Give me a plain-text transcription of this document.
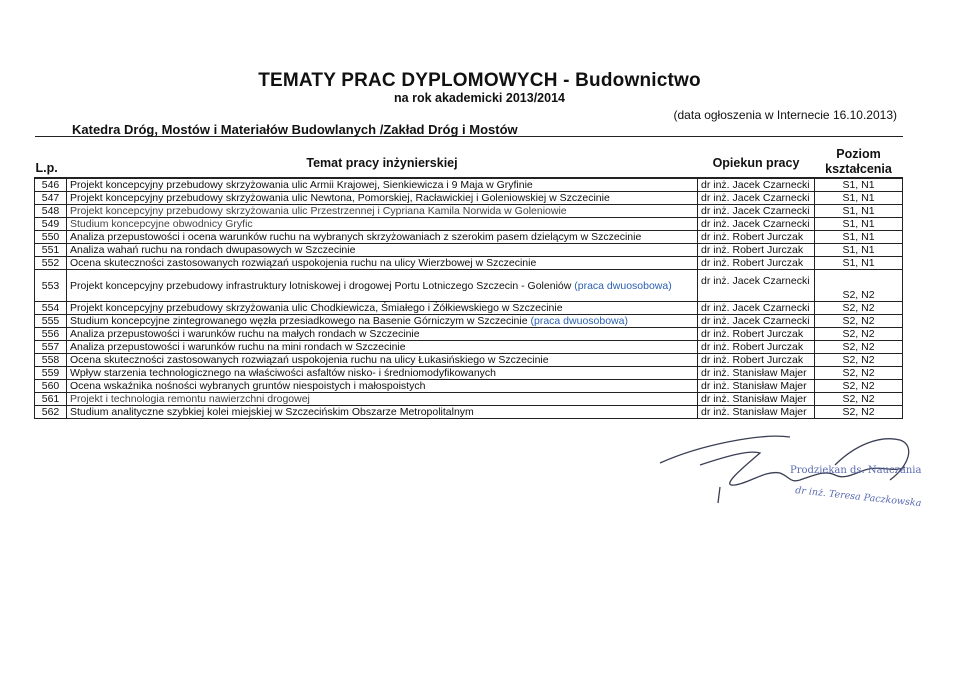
TEMATY PRAC DYPLOMOWYCH - Budownictwo
na rok akademicki 2013/2014
(data ogłoszenia w Internecie 16.10.2013)
Katedra Dróg, Mostów i Materiałów Budowlanych /Zakład Dróg i Mostów
L.p.	Temat pracy inżynierskiej	Opiekun pracy	Poziom
kształcenia
546	Projekt koncepcyjny przebudowy skrzyżowania ulic Armii Krajowej, Sienkiewicza i 9 Maja w Gryfinie	dr inż. Jacek Czarnecki	S1, N1
547	Projekt koncepcyjny przebudowy skrzyżowania ulic Newtona, Pomorskiej, Racławickiej i Goleniowskiej w Szczecinie	dr inż. Jacek Czarnecki	S1, N1
548	Projekt koncepcyjny przebudowy skrzyżowania ulic Przestrzennej i Cypriana Kamila Norwida w Goleniowie	dr inż. Jacek Czarnecki	S1, N1
549	Studium koncepcyjne obwodnicy Gryfic	dr inż. Jacek Czarnecki	S1, N1
550	Analiza przepustowości i ocena warunków ruchu na wybranych skrzyżowaniach z szerokim pasem dzielącym w Szczecinie	dr inż. Robert Jurczak	S1, N1
551	Analiza wahań ruchu na rondach dwupasowych w Szczecinie	dr inż. Robert Jurczak	S1, N1
552	Ocena skuteczności zastosowanych rozwiązań uspokojenia ruchu na ulicy Wierzbowej w Szczecinie	dr inż. Robert Jurczak	S1, N1
553	Projekt koncepcyjny przebudowy infrastruktury lotniskowej i drogowej Portu Lotniczego Szczecin - Goleniów (praca dwuosobowa)	dr inż. Jacek Czarnecki	S2, N2
554	Projekt koncepcyjny przebudowy skrzyżowania ulic Chodkiewicza, Śmiałego i Żółkiewskiego w Szczecinie	dr inż. Jacek Czarnecki	S2, N2
555	Studium koncepcyjne zintegrowanego węzła przesiadkowego na Basenie Górniczym w Szczecinie (praca dwuosobowa)	dr inż. Jacek Czarnecki	S2, N2
556	Analiza przepustowości i warunków ruchu na małych rondach w Szczecinie	dr inż. Robert Jurczak	S2, N2
557	Analiza przepustowości i warunków ruchu na mini rondach w Szczecinie	dr inż. Robert Jurczak	S2, N2
558	Ocena skuteczności zastosowanych rozwiązań uspokojenia ruchu na ulicy Łukasińskiego w Szczecinie	dr inż. Robert Jurczak	S2, N2
559	Wpływ starzenia technologicznego na właściwości asfaltów nisko- i średniomodyfikowanych	dr inż. Stanisław Majer	S2, N2
560	Ocena wskaźnika nośności wybranych gruntów niespoistych i małospoistych	dr inż. Stanisław Majer	S2, N2
561	Projekt i technologia remontu nawierzchni drogowej	dr inż. Stanisław Majer	S2, N2
562	Studium analityczne szybkiej kolei miejskiej w Szczecińskim Obszarze Metropolitalnym	dr inż. Stanisław Majer	S2, N2
Prodziekan ds. Nauczania
dr inż. Teresa Paczkowska
